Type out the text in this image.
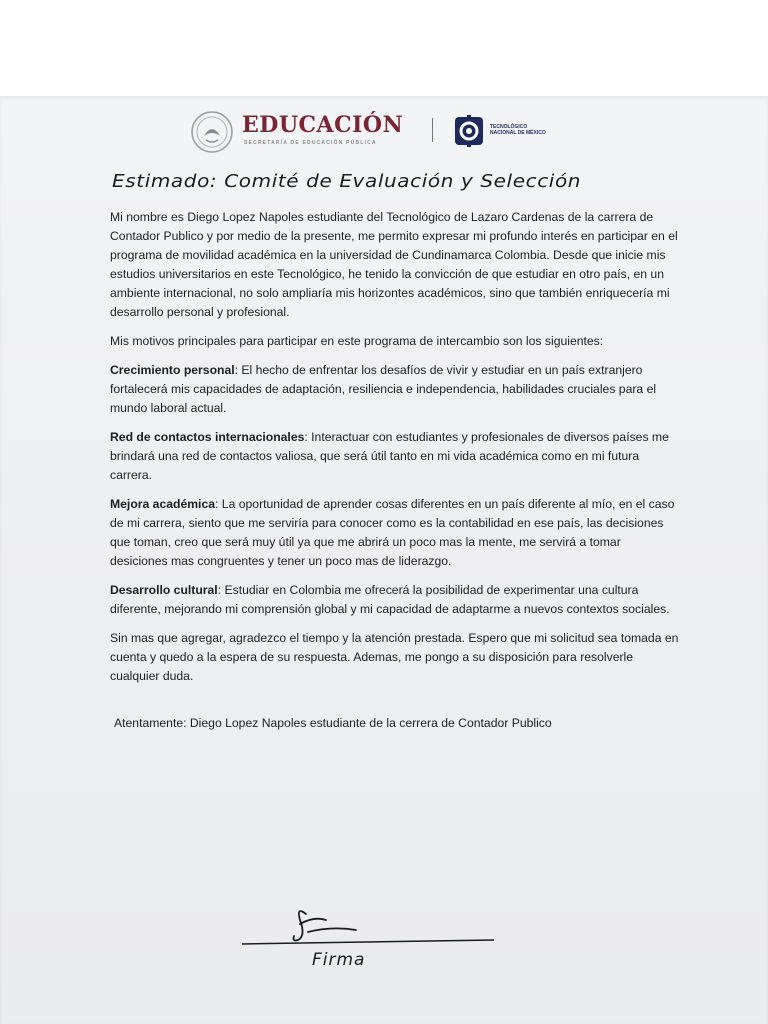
EDUCACIÓN
SECRETARÍA DE EDUCACIÓN PÚBLICA
TECNOLÓGICO
NACIONAL DE MÉXICO
Estimado: Comité de Evaluación y Selección

Mi nombre es Diego Lopez Napoles estudiante del Tecnológico de Lazaro Cardenas de la carrera de Contador Publico y por medio de la presente, me permito expresar mi profundo interés en participar en el programa de movilidad académica en la universidad de Cundinamarca Colombia. Desde que inicie mis estudios universitarios en este Tecnológico, he tenido la convicción de que estudiar en otro país, en un ambiente internacional, no solo ampliaría mis horizontes académicos, sino que también enriquecería mi desarrollo personal y profesional.

Mis motivos principales para participar en este programa de intercambio son los siguientes:

Crecimiento personal: El hecho de enfrentar los desafíos de vivir y estudiar en un país extranjero fortalecerá mis capacidades de adaptación, resiliencia e independencia, habilidades cruciales para el mundo laboral actual.

Red de contactos internacionales: Interactuar con estudiantes y profesionales de diversos países me brindará una red de contactos valiosa, que será útil tanto en mi vida académica como en mi futura carrera.

Mejora académica: La oportunidad de aprender cosas diferentes en un país diferente al mío, en el caso de mi carrera, siento que me serviría para conocer como es la contabilidad en ese país, las decisiones que toman, creo que será muy útil ya que me abrirá un poco mas la mente, me servirá a tomar desiciones mas congruentes y tener un poco mas de liderazgo.

Desarrollo cultural: Estudiar en Colombia me ofrecerá la posibilidad de experimentar una cultura diferente, mejorando mi comprensión global y mi capacidad de adaptarme a nuevos contextos sociales.

Sin mas que agregar, agradezco el tiempo y la atención prestada. Espero que mi solicitud sea tomada en cuenta y quedo a la espera de su respuesta. Ademas, me pongo a su disposición para resolverle cualquier duda.

Atentamente: Diego Lopez Napoles estudiante de la cerrera de Contador Publico
Firma
